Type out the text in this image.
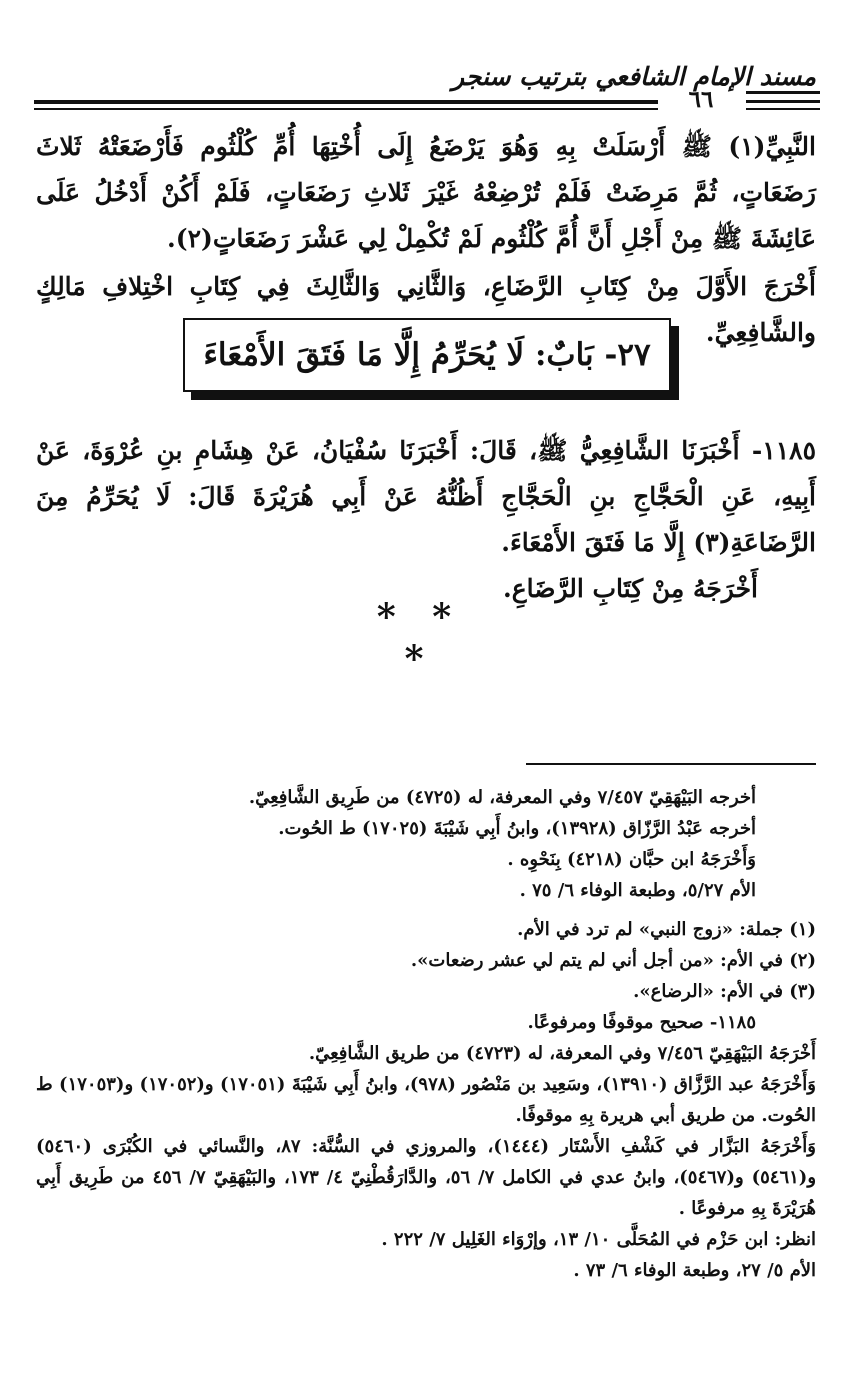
مسند الإمام الشافعي بترتيب سنجر

٦٦

النَّبِيِّ(١) ﷺ أَرْسَلَتْ بِهِ وَهُوَ يَرْضَعُ إِلَى أُخْتِهَا أُمِّ كُلْثُوم فَأَرْضَعَتْهُ ثَلاثَ رَضَعَاتٍ، ثُمَّ مَرِضَتْ فَلَمْ تُرْضِعْهُ غَيْرَ ثَلاثِ رَضَعَاتٍ، فَلَمْ أَكُنْ أَدْخُلُ عَلَى عَائِشَةَ ﷺ مِنْ أَجْلِ أَنَّ أُمَّ كُلْثُوم لَمْ تُكْمِلْ لِي عَشْرَ رَضَعَاتٍ(٢).

أَخْرَجَ الأَوَّلَ مِنْ كِتَابِ الرَّضَاعِ، وَالثَّانِي وَالثَّالِثَ فِي كِتَابِ اخْتِلافِ مَالِكٍ والشَّافِعِيِّ.

٢٧- بَابٌ: لَا يُحَرِّمُ إِلَّا مَا فَتَقَ الأَمْعَاءَ

١١٨٥- أَخْبَرَنَا الشَّافِعِيُّ ﷺ، قَالَ: أَخْبَرَنَا سُفْيَانُ، عَنْ هِشَامِ بنِ عُرْوَةَ، عَنْ أَبِيهِ، عَنِ الْحَجَّاجِ بنِ الْحَجَّاجِ أَظُنُّهُ عَنْ أَبِي هُرَيْرَةَ قَالَ: لَا يُحَرِّمُ مِنَ الرَّضَاعَةِ(٣) إِلَّا مَا فَتَقَ الأَمْعَاءَ.

أَخْرَجَهُ مِنْ كِتَابِ الرَّضَاعِ.

* * *

أخرجه البَيْهَقِيّ ٧/٤٥٧ وفي المعرفة، له (٤٧٢٥) من طَرِيق الشَّافِعِيّ.

أخرجه عَبْدُ الرَّزّاق (١٣٩٢٨)، وابنُ أَبِي شَيْبَةَ (١٧٠٢٥) ط الحُوت.

وَأَخْرَجَهُ ابن حبَّان (٤٢١٨) بِنَحْوِه .

الأم ٥/٢٧، وطبعة الوفاء ٦/ ٧٥ .

(١) جملة: «زوج النبي» لم ترد في الأم.

(٢) في الأم: «من أجل أني لم يتم لي عشر رضعات».

(٣) في الأم: «الرضاع».

١١٨٥- صحيح موقوفًا ومرفوعًا.

أَخْرَجَهُ البَيْهَقِيّ ٧/٤٥٦ وفي المعرفة، له (٤٧٢٣) من طريق الشَّافِعِيّ.

وَأَخْرَجَهُ عبد الرَّزَّاق (١٣٩١٠)، وسَعِيد بن مَنْصُور (٩٧٨)، وابنُ أَبِي شَيْبَةَ (١٧٠٥١) و(١٧٠٥٢) و(١٧٠٥٣) ط الحُوت. من طريق أبي هريرة بِهِ موقوفًا.

وَأَخْرَجَهُ البَزَّار في كَشْفِ الأَسْتَار (١٤٤٤)، والمروزي في السُّنَّة: ٨٧، والنَّسائي في الكُبْرَى (٥٤٦٠) و(٥٤٦١) و(٥٤٦٧)، وابنُ عدي في الكامل ٧/ ٥٦، والدَّارَقُطْنِيّ ٤/ ١٧٣، والبَيْهَقِيّ ٧/ ٤٥٦ من طَرِيق أَبِي هُرَيْرَةَ بِهِ مرفوعًا .

انظر: ابن حَزْم في المُحَلَّى ١٠/ ١٣، وإرْوَاء الغَلِيل ٧/ ٢٢٢ .

الأم ٥/ ٢٧، وطبعة الوفاء ٦/ ٧٣ .
